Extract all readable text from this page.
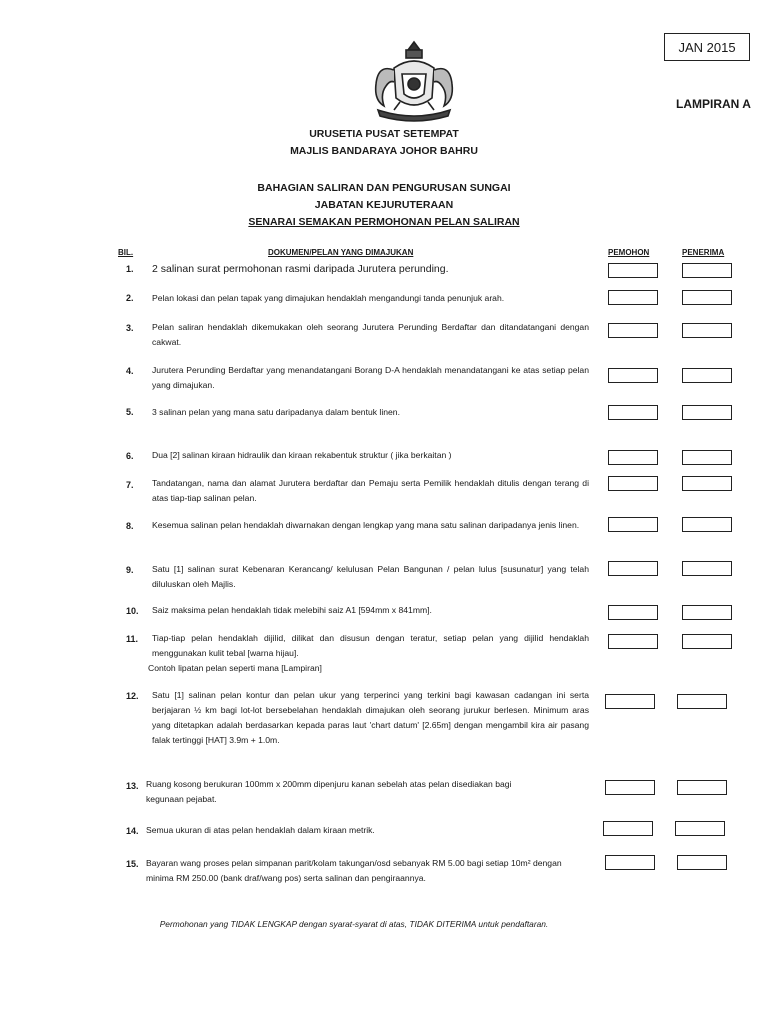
JAN 2015
LAMPIRAN A
URUSETIA PUSAT SETEMPAT
MAJLIS BANDARAYA JOHOR BAHRU
BAHAGIAN SALIRAN DAN PENGURUSAN SUNGAI
JABATAN KEJURUTERAAN
SENARAI SEMAKAN PERMOHONAN PELAN SALIRAN
BIL.	DOKUMEN/PELAN YANG DIMAJUKAN	PEMOHON	PENERIMA
1. 2 salinan surat permohonan rasmi daripada Jurutera perunding.
2. Pelan lokasi dan pelan tapak yang dimajukan hendaklah mengandungi tanda penunjuk arah.
3. Pelan saliran hendaklah dikemukakan oleh seorang Jurutera Perunding Berdaftar dan ditandatangani dengan cakwat.
4. Jurutera Perunding Berdaftar yang menandatangani Borang D-A hendaklah menandatangani ke atas setiap pelan yang dimajukan.
5. 3 salinan pelan yang mana satu daripadanya dalam bentuk linen.
6. Dua [2] salinan kiraan hidraulik dan kiraan rekabentuk struktur ( jika berkaitan )
7. Tandatangan, nama dan alamat Jurutera berdaftar dan Pemaju serta Pemilik hendaklah ditulis dengan terang di atas tiap-tiap salinan pelan.
8. Kesemua salinan pelan hendaklah diwarnakan dengan lengkap yang mana satu salinan daripadanya jenis linen.
9. Satu [1] salinan surat Kebenaran Kerancang/ kelulusan Pelan Bangunan / pelan lulus [susunatur] yang telah diluluskan oleh Majlis.
10. Saiz maksima pelan hendaklah tidak melebihi saiz A1 [594mm x 841mm].
11. Tiap-tiap pelan hendaklah dijilid, dilikat dan disusun dengan teratur, setiap pelan yang dijilid hendaklah menggunakan kulit tebal [warna hijau].
Contoh lipatan pelan seperti mana [Lampiran]
12. Satu [1] salinan pelan kontur dan pelan ukur yang terperinci yang terkini bagi kawasan cadangan ini serta berjajaran ½ km bagi lot-lot bersebelahan hendaklah dimajukan oleh seorang jurukur berlesen. Minimum aras yang ditetapkan adalah berdasarkan kepada paras laut 'chart datum' [2.65m] dengan mengambil kira air pasang falak tertinggi [HAT] 3.9m + 1.0m.
13. Ruang kosong berukuran 100mm x 200mm dipenjuru kanan sebelah atas pelan disediakan bagi kegunaan pejabat.
14. Semua ukuran di atas pelan hendaklah dalam kiraan metrik.
15. Bayaran wang proses pelan simpanan parit/kolam takungan/osd sebanyak RM 5.00 bagi setiap 10m² dengan minima RM 250.00 (bank draf/wang pos) serta salinan dan pengiraannya.
Permohonan yang TIDAK LENGKAP dengan syarat-syarat di atas, TIDAK DITERIMA untuk pendaftaran.
